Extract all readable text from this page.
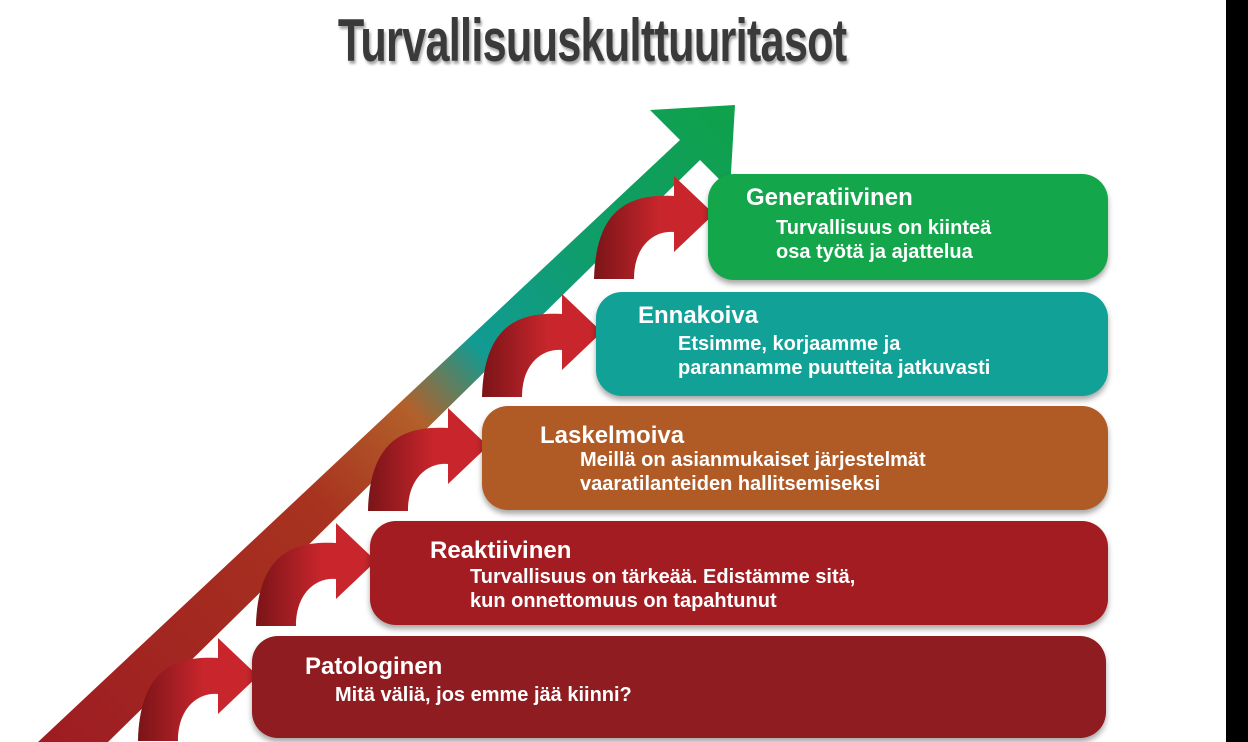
Turvallisuuskulttuuritasot
Patologinen
Mitä väliä, jos emme jää kiinni?
Reaktiivinen
Turvallisuus on tärkeää. Edistämme sitä,
kun onnettomuus on tapahtunut
Laskelmoiva
Meillä on asianmukaiset järjestelmät
vaaratilanteiden hallitsemiseksi
Ennakoiva
Etsimme, korjaamme ja
parannamme puutteita jatkuvasti
Generatiivinen
Turvallisuus on kiinteä
osa työtä ja ajattelua
